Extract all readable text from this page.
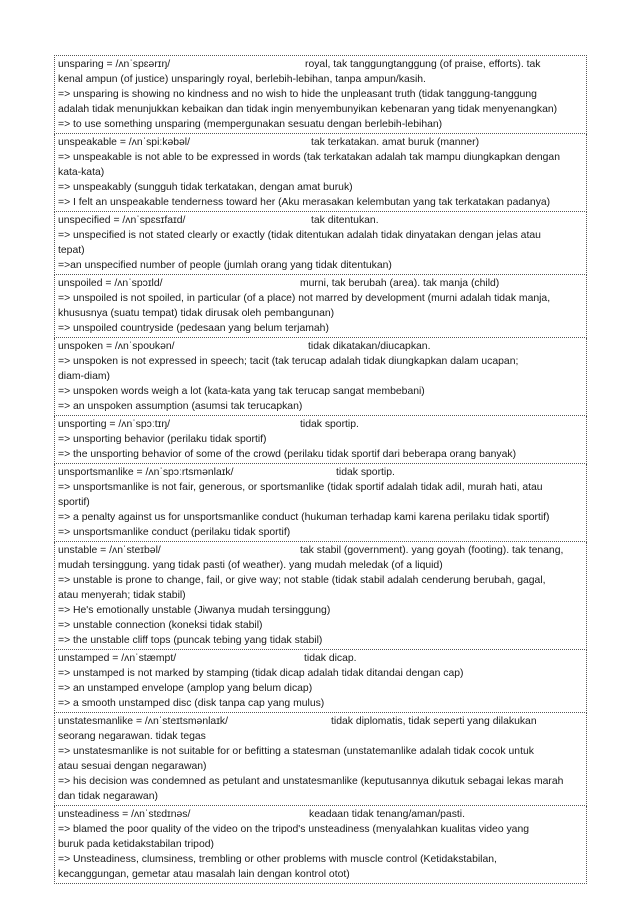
unsparing = /ʌnˈspɛərɪŋ/	royal, tak tanggungtanggung (of praise, efforts). tak
kenal ampun (of justice) unsparingly royal, berlebih-lebihan, tanpa ampun/kasih.
=> unsparing is showing no kindness and no wish to hide the unpleasant truth (tidak tanggung-tanggung
adalah tidak menunjukkan kebaikan dan tidak ingin menyembunyikan kebenaran yang tidak menyenangkan)
=> to use something unsparing (mempergunakan sesuatu dengan berlebih-lebihan)
unspeakable = /ʌnˈspiːkəbəl/	tak terkatakan. amat buruk (manner)
=> unspeakable is not able to be expressed in words (tak terkatakan adalah tak mampu diungkapkan dengan
kata-kata)
=> unspeakably (sungguh tidak terkatakan, dengan amat buruk)
=> I felt an unspeakable tenderness toward her (Aku merasakan kelembutan yang tak terkatakan padanya)
unspecified = /ʌnˈspɛsɪfaɪd/	tak ditentukan.
=> unspecified is not stated clearly or exactly (tidak ditentukan adalah tidak dinyatakan dengan jelas atau
tepat)
=>an unspecified number of people (jumlah orang yang tidak ditentukan)
unspoiled = /ʌnˈspɔɪld/	murni, tak berubah (area). tak manja (child)
=> unspoiled is not spoiled, in particular (of a place) not marred by development (murni adalah tidak manja,
khususnya (suatu tempat) tidak dirusak oleh pembangunan)
=> unspoiled countryside (pedesaan yang belum terjamah)
unspoken = /ʌnˈspoʊkən/	tidak dikatakan/diucapkan.
=> unspoken is not expressed in speech; tacit (tak terucap adalah tidak diungkapkan dalam ucapan;
diam-diam)
=> unspoken words weigh a lot (kata-kata yang tak terucap sangat membebani)
=> an unspoken assumption (asumsi tak terucapkan)
unsporting = /ʌnˈspɔːtɪŋ/	tidak sportip.
=> unsporting behavior (perilaku tidak sportif)
=> the unsporting behavior of some of the crowd (perilaku tidak sportif dari beberapa orang banyak)
unsportsmanlike = /ʌnˈspɔːrtsmənlaɪk/	tidak sportip.
=> unsportsmanlike is not fair, generous, or sportsmanlike (tidak sportif adalah tidak adil, murah hati, atau
sportif)
=> a penalty against us for unsportsmanlike conduct (hukuman terhadap kami karena perilaku tidak sportif)
=> unsportsmanlike conduct (perilaku tidak sportif)
unstable = /ʌnˈsteɪbəl/	tak stabil (government). yang goyah (footing). tak tenang,
mudah tersinggung. yang tidak pasti (of weather). yang mudah meledak (of a liquid)
=> unstable is prone to change, fail, or give way; not stable (tidak stabil adalah cenderung berubah, gagal,
atau menyerah; tidak stabil)
=> He's emotionally unstable (Jiwanya mudah tersinggung)
=> unstable connection (koneksi tidak stabil)
=> the unstable cliff tops (puncak tebing yang tidak stabil)
unstamped = /ʌnˈstæmpt/	tidak dicap.
=> unstamped is not marked by stamping (tidak dicap adalah tidak ditandai dengan cap)
=> an unstamped envelope (amplop yang belum dicap)
=> a smooth unstamped disc (disk tanpa cap yang mulus)
unstatesmanlike = /ʌnˈsteɪtsmənlaɪk/	tidak diplomatis, tidak seperti yang dilakukan
seorang negarawan. tidak tegas
=> unstatesmanlike is not suitable for or befitting a statesman (unstatemanlike adalah tidak cocok untuk
atau sesuai dengan negarawan)
=> his decision was condemned as petulant and unstatesmanlike (keputusannya dikutuk sebagai lekas marah
dan tidak negarawan)
unsteadiness = /ʌnˈstɛdɪnəs/	keadaan tidak tenang/aman/pasti.
=> blamed the poor quality of the video on the tripod's unsteadiness (menyalahkan kualitas video yang
buruk pada ketidakstabilan tripod)
=> Unsteadiness, clumsiness, trembling or other problems with muscle control (Ketidakstabilan,
kecanggungan, gemetar atau masalah lain dengan kontrol otot)
